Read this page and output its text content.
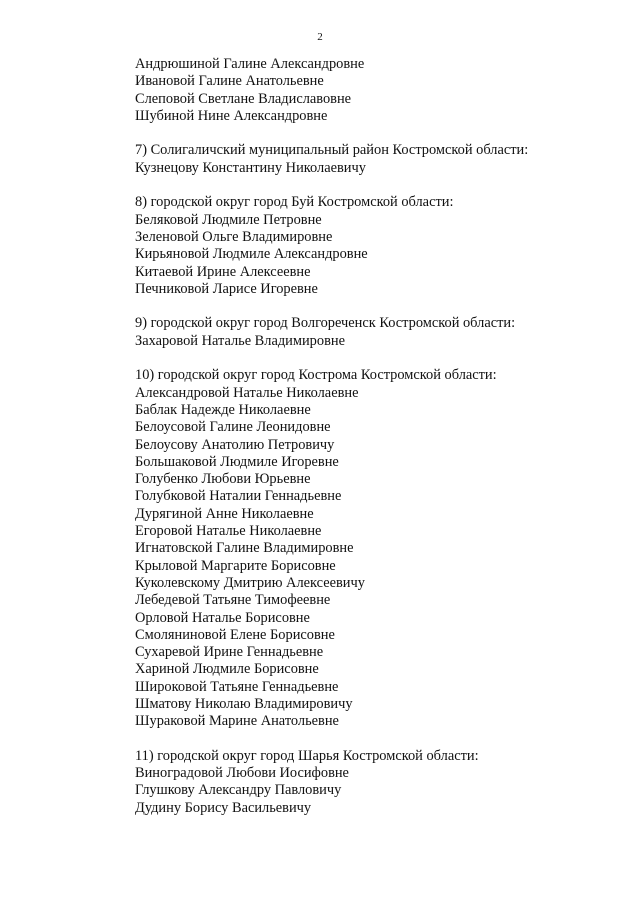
2
Андрюшиной Галине Александровне
Ивановой Галине Анатольевне
Слеповой Светлане Владиславовне
Шубиной Нине Александровне
7) Солигаличский муниципальный район Костромской области:
Кузнецову Константину Николаевичу
8) городской округ город Буй Костромской области:
Беляковой Людмиле Петровне
Зеленовой Ольге Владимировне
Кирьяновой Людмиле Александровне
Китаевой Ирине Алексеевне
Печниковой Ларисе Игоревне
9) городской округ город Волгореченск Костромской области:
Захаровой Наталье Владимировне
10) городской округ город Кострома Костромской области:
Александровой Наталье Николаевне
Баблак Надежде Николаевне
Белоусовой Галине Леонидовне
Белоусову Анатолию Петровичу
Большаковой Людмиле Игоревне
Голубенко Любови Юрьевне
Голубковой Наталии Геннадьевне
Дурягиной Анне Николаевне
Егоровой Наталье Николаевне
Игнатовской Галине Владимировне
Крыловой Маргарите Борисовне
Куколевскому Дмитрию Алексеевичу
Лебедевой Татьяне Тимофеевне
Орловой Наталье Борисовне
Смоляниновой Елене Борисовне
Сухаревой Ирине Геннадьевне
Хариной Людмиле Борисовне
Широковой Татьяне Геннадьевне
Шматову Николаю Владимировичу
Шураковой Марине Анатольевне
11) городской округ город Шарья Костромской области:
Виноградовой Любови Иосифовне
Глушкову Александру Павловичу
Дудину Борису Васильевичу
